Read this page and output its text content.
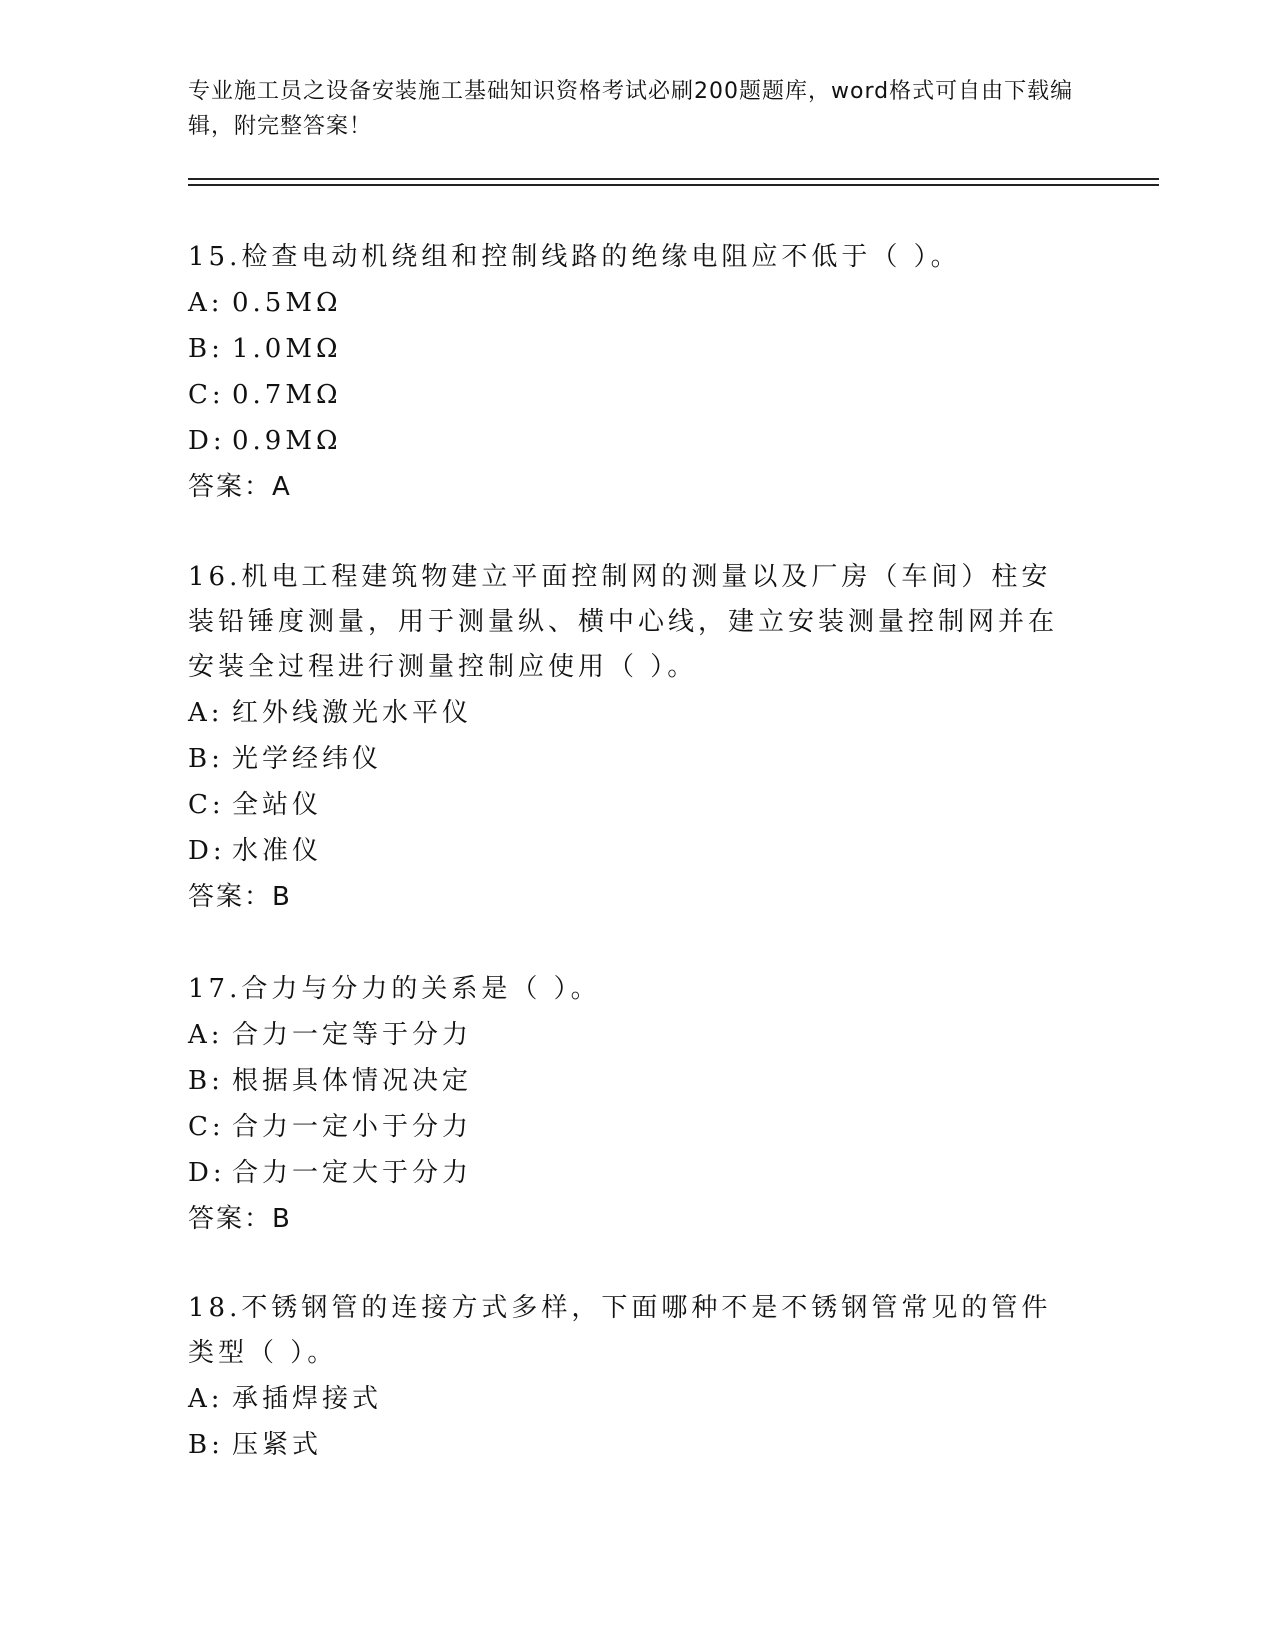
专业施工员之设备安装施工基础知识资格考试必刷200题题库，word格式可自由下载编辑，附完整答案！
15.检查电动机绕组和控制线路的绝缘电阻应不低于（ ）。
A: 0.5MΩ
B: 1.0MΩ
C: 0.7MΩ
D: 0.9MΩ
答案：A
16.机电工程建筑物建立平面控制网的测量以及厂房（车间）柱安装铅锤度测量，用于测量纵、横中心线，建立安装测量控制网并在安装全过程进行测量控制应使用（ ）。
A: 红外线激光水平仪
B: 光学经纬仪
C: 全站仪
D: 水准仪
答案：B
17.合力与分力的关系是（ ）。
A: 合力一定等于分力
B: 根据具体情况决定
C: 合力一定小于分力
D: 合力一定大于分力
答案：B
18.不锈钢管的连接方式多样，下面哪种不是不锈钢管常见的管件类型（ ）。
A: 承插焊接式
B: 压紧式
